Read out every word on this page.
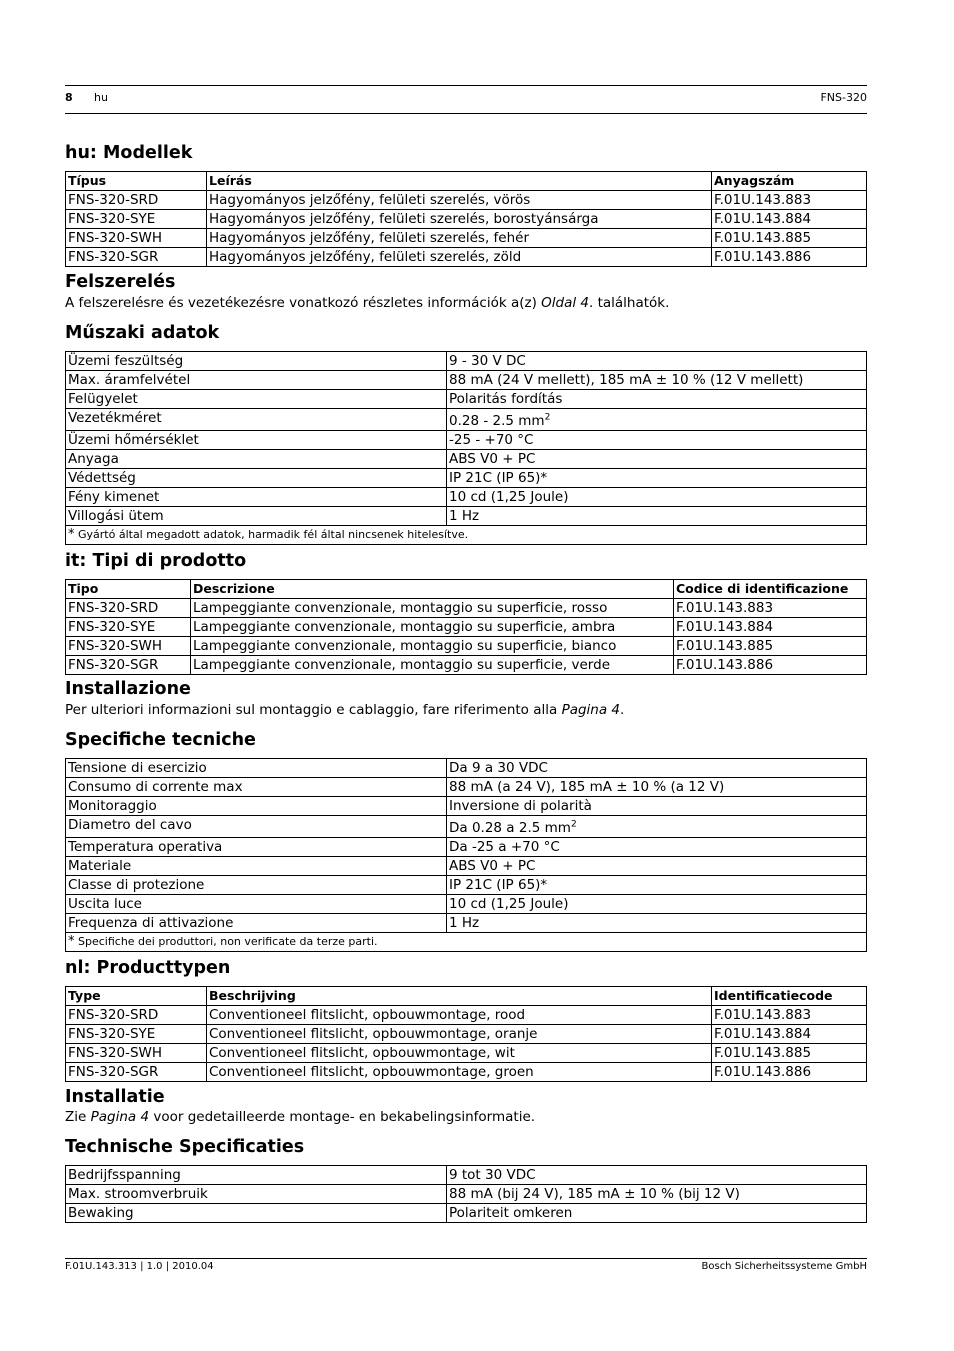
8 hu	FNS-320
hu: Modellek
Típus	Leírás	Anyagszám
FNS-320-SRD	Hagyományos jelzőfény, felületi szerelés, vörös	F.01U.143.883
FNS-320-SYE	Hagyományos jelzőfény, felületi szerelés, borostyánsárga	F.01U.143.884
FNS-320-SWH	Hagyományos jelzőfény, felületi szerelés, fehér	F.01U.143.885
FNS-320-SGR	Hagyományos jelzőfény, felületi szerelés, zöld	F.01U.143.886
Felszerelés

A felszerelésre és vezetékezésre vonatkozó részletes információk a(z) Oldal 4. találhatók.

Műszaki adatok
Üzemi feszültség	9 - 30 V DC
Max. áramfelvétel	88 mA (24 V mellett), 185 mA ± 10 % (12 V mellett)
Felügyelet	Polaritás fordítás
Vezetékméret	0.28 - 2.5 $mm^2$
Üzemi hőmérséklet	-25 - +70 °C
Anyaga	ABS V0 + PC
Védettség	IP 21C (IP 65)*
Fény kimenet	10 cd (1,25 Joule)
Villogási ütem	1 Hz
* Gyártó által megadott adatok, harmadik fél által nincsenek hitelesítve.	
it: Tipi di prodotto
Tipo	Descrizione	Codice di identificazione
FNS-320-SRD	Lampeggiante convenzionale, montaggio su superficie, rosso	F.01U.143.883
FNS-320-SYE	Lampeggiante convenzionale, montaggio su superficie, ambra	F.01U.143.884
FNS-320-SWH	Lampeggiante convenzionale, montaggio su superficie, bianco	F.01U.143.885
FNS-320-SGR	Lampeggiante convenzionale, montaggio su superficie, verde	F.01U.143.886
Installazione

Per ulteriori informazioni sul montaggio e cablaggio, fare riferimento alla Pagina 4.

Specifiche tecniche
Tensione di esercizio	Da 9 a 30 VDC
Consumo di corrente max	88 mA (a 24 V), 185 mA ± 10 % (a 12 V)
Monitoraggio	Inversione di polarità
Diametro del cavo	Da 0.28 a 2.5 $mm^2$
Temperatura operativa	Da -25 a +70 °C
Materiale	ABS V0 + PC
Classe di protezione	IP 21C (IP 65)*
Uscita luce	10 cd (1,25 Joule)
Frequenza di attivazione	1 Hz
* Specifiche dei produttori, non verificate da terze parti.	
nl: Producttypen
Type	Beschrijving	Identificatiecode
FNS-320-SRD	Conventioneel flitslicht, opbouwmontage, rood	F.01U.143.883
FNS-320-SYE	Conventioneel flitslicht, opbouwmontage, oranje	F.01U.143.884
FNS-320-SWH	Conventioneel flitslicht, opbouwmontage, wit	F.01U.143.885
FNS-320-SGR	Conventioneel flitslicht, opbouwmontage, groen	F.01U.143.886
Installatie

Zie Pagina 4 voor gedetailleerde montage- en bekabelingsinformatie.

Technische Specificaties
Bedrijfsspanning	9 tot 30 VDC
Max. stroomverbruik	88 mA (bij 24 V), 185 mA ± 10 % (bij 12 V)
Bewaking	Polariteit omkeren
F.01U.143.313 | 1.0 | 2010.04	Bosch Sicherheitssysteme GmbH
